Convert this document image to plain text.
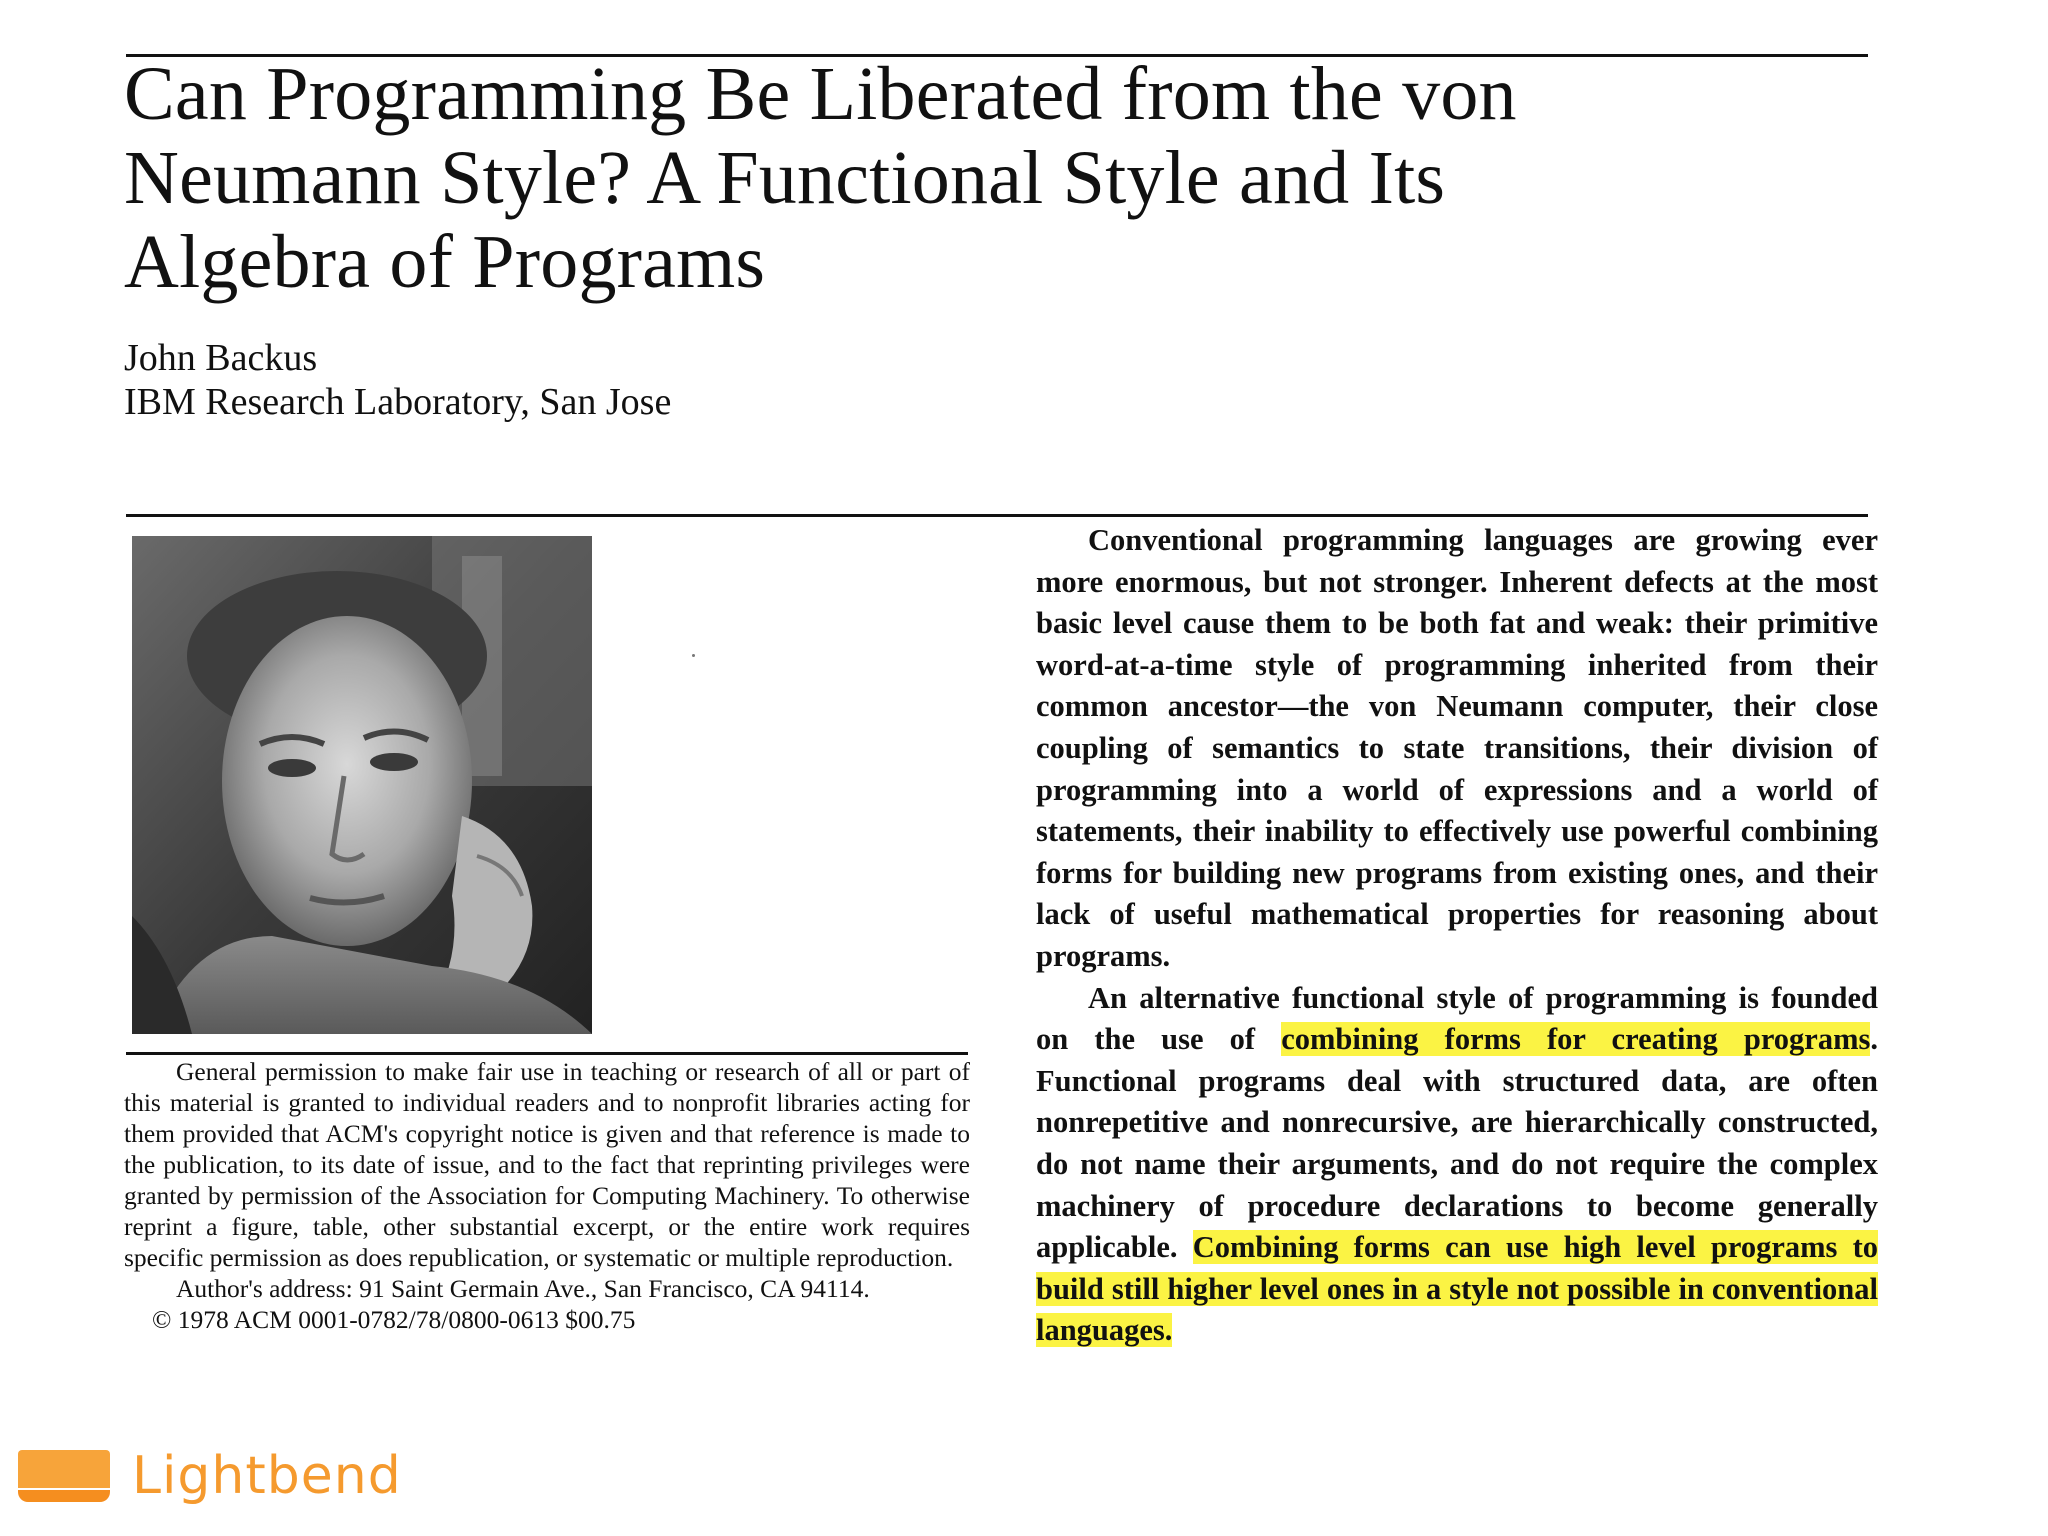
Can Programming Be Liberated from the von
Neumann Style? A Functional Style and Its
Algebra of Programs
John Backus
IBM Research Laboratory, San Jose

General permission to make fair use in teaching or research of all or part of this material is granted to individual readers and to nonprofit libraries acting for them provided that ACM's copyright notice is given and that reference is made to the publication, to its date of issue, and to the fact that reprinting privileges were granted by permission of the Association for Computing Machinery. To otherwise reprint a figure, table, other substantial excerpt, or the entire work requires specific permission as does republication, or systematic or multiple reproduction.

Author's address: 91 Saint Germain Ave., San Francisco, CA 94114.

© 1978 ACM 0001-0782/78/0800-0613 $00.75

Conventional programming languages are growing ever more enormous, but not stronger. Inherent defects at the most basic level cause them to be both fat and weak: their primitive word-at-a-time style of programming inherited from their common ancestor—the von Neumann computer, their close coupling of semantics to state transitions, their division of programming into a world of expressions and a world of statements, their inability to effectively use powerful combining forms for building new programs from existing ones, and their lack of useful mathematical properties for reasoning about programs.

An alternative functional style of programming is founded on the use of combining forms for creating programs. Functional programs deal with structured data, are often nonrepetitive and nonrecursive, are hierarchically constructed, do not name their arguments, and do not require the complex machinery of procedure declarations to become generally applicable. Combining forms can use high level programs to build still higher level ones in a style not possible in conventional languages.

Lightbend
